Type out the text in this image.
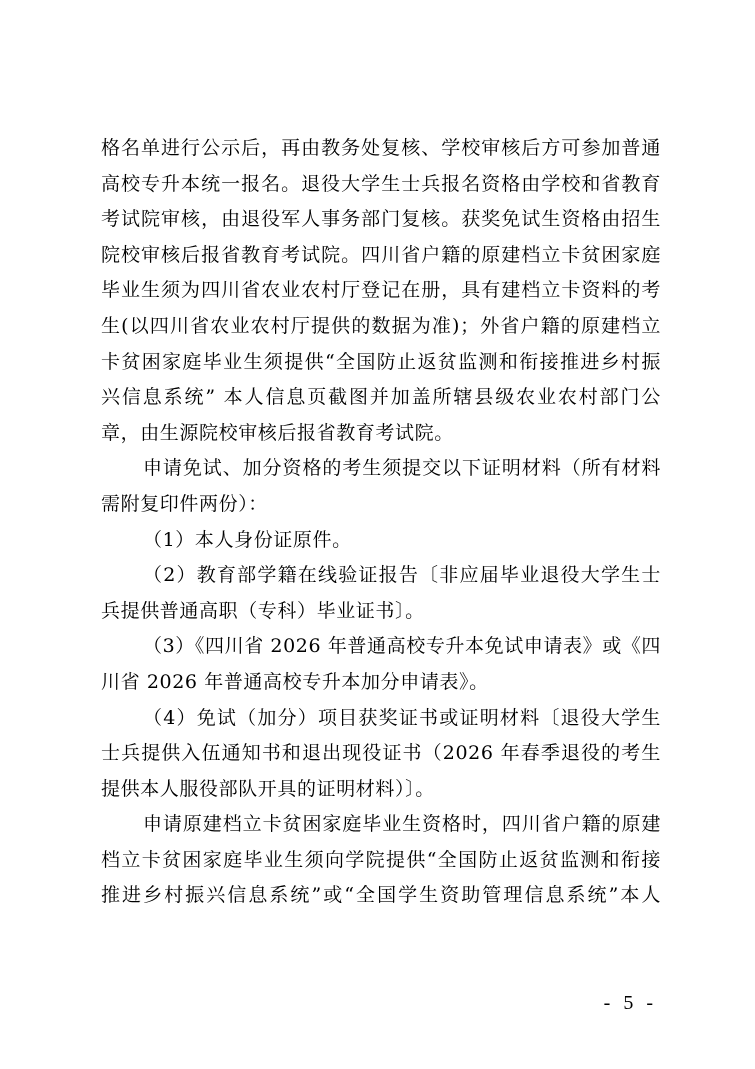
格名单进行公示后，再由教务处复核、学校审核后方可参加普通
高校专升本统一报名。退役大学生士兵报名资格由学校和省教育
考试院审核，由退役军人事务部门复核。获奖免试生资格由招生
院校审核后报省教育考试院。四川省户籍的原建档立卡贫困家庭
毕业生须为四川省农业农村厅登记在册，具有建档立卡资料的考
生(以四川省农业农村厅提供的数据为准)；外省户籍的原建档立
卡贫困家庭毕业生须提供“全国防止返贫监测和衔接推进乡村振
兴信息系统” 本人信息页截图并加盖所辖县级农业农村部门公
章，由生源院校审核后报省教育考试院。
申请免试、加分资格的考生须提交以下证明材料（所有材料
需附复印件两份）：
（1）本人身份证原件。
（2）教育部学籍在线验证报告〔非应届毕业退役大学生士
兵提供普通高职（专科）毕业证书〕。
（3）《四川省 2026 年普通高校专升本免试申请表》或《四
川省 2026 年普通高校专升本加分申请表》。
（4）免试（加分）项目获奖证书或证明材料〔退役大学生
士兵提供入伍通知书和退出现役证书（2026 年春季退役的考生
提供本人服役部队开具的证明材料）〕。
申请原建档立卡贫困家庭毕业生资格时，四川省户籍的原建
档立卡贫困家庭毕业生须向学院提供“全国防止返贫监测和衔接
推进乡村振兴信息系统”或“全国学生资助管理信息系统”本人
- 5 -
